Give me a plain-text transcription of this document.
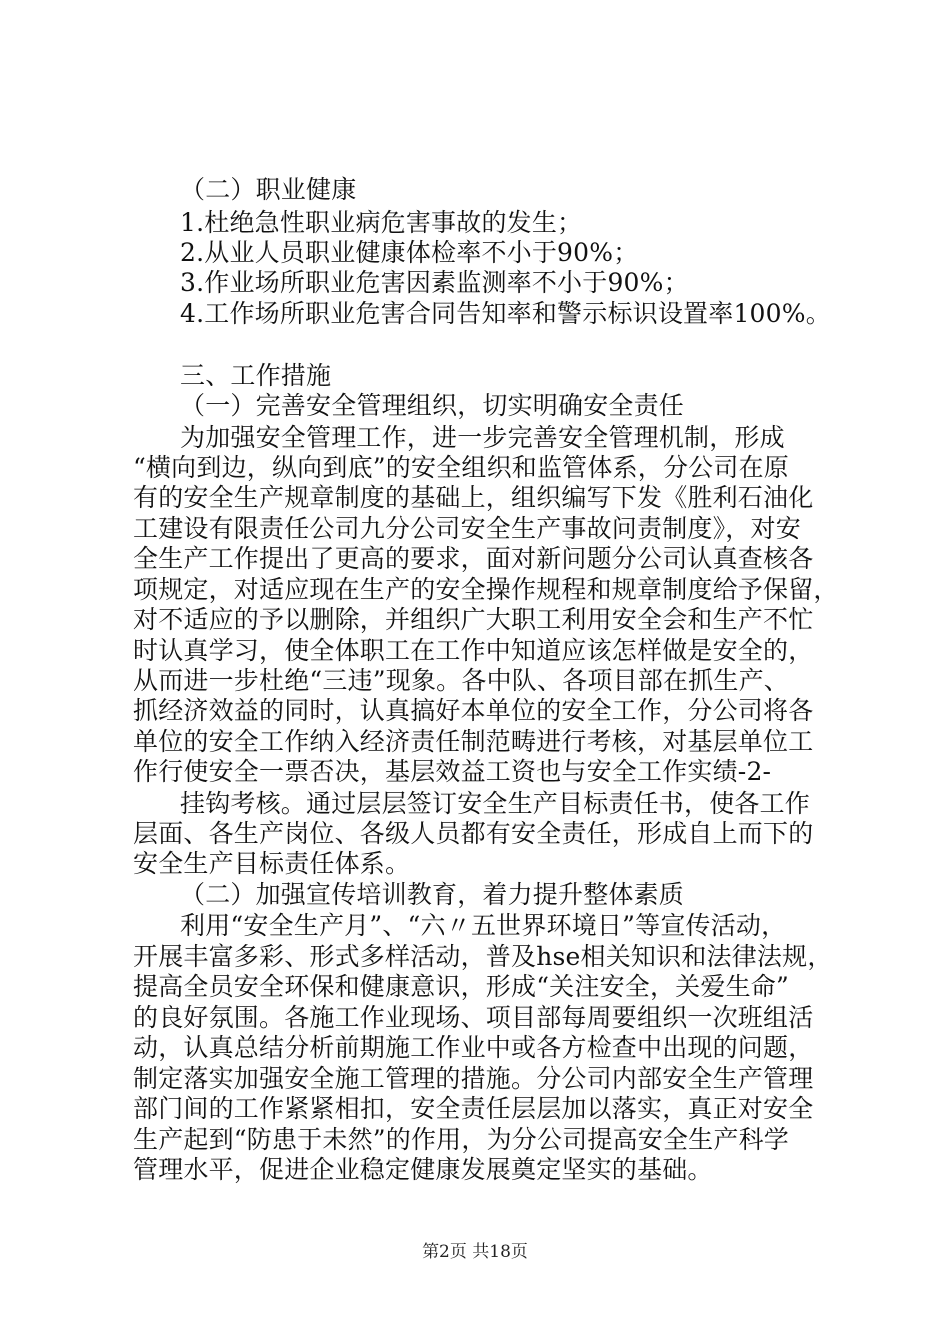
（二）职业健康
1.杜绝急性职业病危害事故的发生；
2.从业人员职业健康体检率不小于90%；
3.作业场所职业危害因素监测率不小于90%；
4.工作场所职业危害合同告知率和警示标识设置率100%。
三、工作措施
（一）完善安全管理组织，切实明确安全责任
为加强安全管理工作，进一步完善安全管理机制，形成
“横向到边，纵向到底”的安全组织和监管体系，分公司在原
有的安全生产规章制度的基础上，组织编写下发《胜利石油化
工建设有限责任公司九分公司安全生产事故问责制度》，对安
全生产工作提出了更高的要求，面对新问题分公司认真查核各
项规定，对适应现在生产的安全操作规程和规章制度给予保留，
对不适应的予以删除，并组织广大职工利用安全会和生产不忙
时认真学习，使全体职工在工作中知道应该怎样做是安全的，
从而进一步杜绝“三违”现象。各中队、各项目部在抓生产、
抓经济效益的同时，认真搞好本单位的安全工作，分公司将各
单位的安全工作纳入经济责任制范畴进行考核，对基层单位工
作行使安全一票否决，基层效益工资也与安全工作实绩-2-
挂钩考核。通过层层签订安全生产目标责任书，使各工作
层面、各生产岗位、各级人员都有安全责任，形成自上而下的
安全生产目标责任体系。
（二）加强宣传培训教育，着力提升整体素质
利用“安全生产月”、“六〃五世界环境日”等宣传活动，
开展丰富多彩、形式多样活动，普及hse相关知识和法律法规，
提高全员安全环保和健康意识，形成“关注安全，关爱生命”
的良好氛围。各施工作业现场、项目部每周要组织一次班组活
动，认真总结分析前期施工作业中或各方检查中出现的问题，
制定落实加强安全施工管理的措施。分公司内部安全生产管理
部门间的工作紧紧相扣，安全责任层层加以落实，真正对安全
生产起到“防患于未然”的作用，为分公司提高安全生产科学
管理水平，促进企业稳定健康发展奠定坚实的基础。
第2页 共18页
